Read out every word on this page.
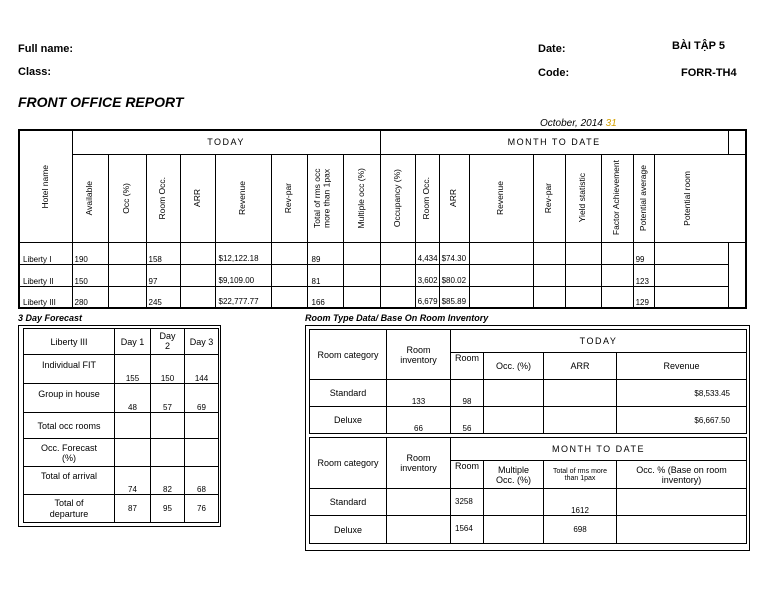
Full name:
Class:
Date:
Code:
BÀI TẬP 5
FORR-TH4
FRONT OFFICE REPORT
October, 2014 31
Hotel name	TODAY								MONTH TO DATE								

	Available	Occ (%)	Room Occ.	ARR	Revenue	Rev-par	Total of rms occ more than 1pax	Multiple occ (%)	Occupancy (%)	Room Occ.	ARR	Revenue	Rev-par	Yield statistic	Factor Achievement	Potential average	Potential room

Liberty I	190		158		$12,122.18		89			4,434	$74.30					99	
Liberty II	150		97		$9,109.00		81			3,602	$80.02					123	
Liberty III	280		245		$22,777.77		166			6,679	$85.89					129	
3 Day Forecast
Liberty III	Day 1	Day 2	Day 3
Individual FIT	155	150	144
Group in house	48	57	69
Total occ rooms			
Occ. Forecast (%)			
Total of arrival	74	82	68
Total of departure	87	95	76
Room Type Data/ Base On Room Inventory
Room category	Room inventory	TODAY			
		Room	Occ. (%)	ARR	Revenue
Standard	133	98			$8,533.45
Deluxe	66	56			$6,667.50
Room category	Room inventory	MONTH TO DATE			
		Room	Multiple Occ. (%)	Total of rms more than 1pax	Occ. % (Base on room inventory)
Standard		3258		1612	
Deluxe		1564		698	
